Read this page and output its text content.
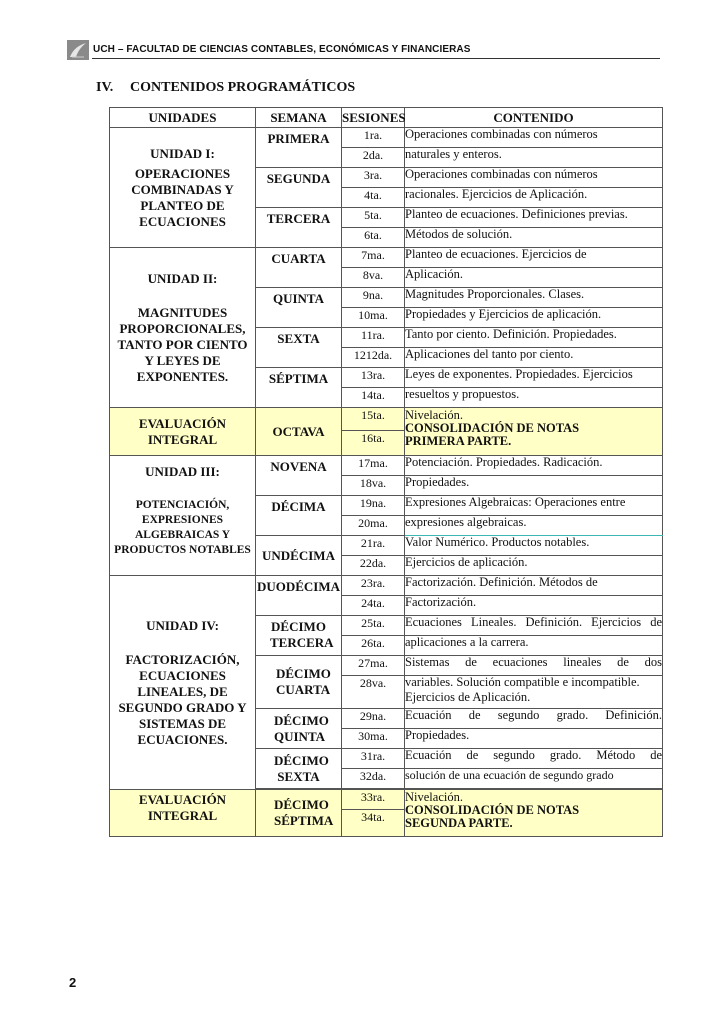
UCH – FACULTAD DE CIENCIAS CONTABLES, ECONÓMICAS Y FINANCIERAS
IV. CONTENIDOS PROGRAMÁTICOS
UNIDADES	SEMANA	SESIONES	CONTENIDO

UNIDAD I:
OPERACIONES COMBINADAS Y PLANTEO DE ECUACIONES	PRIMERA	1ra.	Operaciones combinadas con números
		2da.	naturales y enteros.
	SEGUNDA	3ra.	Operaciones combinadas con números
		4ta.	racionales. Ejercicios de Aplicación.
	TERCERA	5ta.	Planteo de ecuaciones. Definiciones previas.
		6ta.	Métodos de solución.

UNIDAD II:
MAGNITUDES PROPORCIONALES, TANTO POR CIENTO Y LEYES DE EXPONENTES.	CUARTA	7ma.	Planteo de ecuaciones. Ejercicios de
		8va.	Aplicación.
	QUINTA	9na.	Magnitudes Proporcionales. Clases.
		10ma.	Propiedades y Ejercicios de aplicación.
	SEXTA	11ra.	Tanto por ciento. Definición. Propiedades.
		1212da.	Aplicaciones del tanto por ciento.
	SÉPTIMA	13ra.	Leyes de exponentes. Propiedades. Ejercicios
		14ta.	resueltos y propuestos.
EVALUACIÓN INTEGRAL	OCTAVA	15ta.	Nivelación.
CONSOLIDACIÓN DE NOTAS
PRIMERA PARTE.

		16ta.	

UNIDAD III:
POTENCIACIÓN, EXPRESIONES ALGEBRAICAS Y PRODUCTOS NOTABLES	NOVENA	17ma.	Potenciación. Propiedades. Radicación.
		18va.	Propiedades.
	DÉCIMA	19na.	Expresiones Algebraicas: Operaciones entre
		20ma.	expresiones algebraicas.
	UNDÉCIMA	21ra.	Valor Numérico. Productos notables.
		22da.	Ejercicios de aplicación.

UNIDAD IV:
FACTORIZACIÓN, ECUACIONES LINEALES, DE SEGUNDO GRADO Y SISTEMAS DE ECUACIONES.	DUODÉCIMA	23ra.	Factorización. Definición. Métodos de
		24ta.	Factorización.
	DÉCIMO TERCERA	25ta.	Ecuaciones Lineales. Definición. Ejercicios de
		26ta.	aplicaciones a la carrera.
	DÉCIMO CUARTA	27ma.	Sistemas de ecuaciones lineales de dos
		28va.	variables. Solución compatible e incompatible.
Ejercicios de Aplicación.

	DÉCIMO QUINTA	29na.	Ecuación de segundo grado. Definición.
		30ma.	Propiedades.
	DÉCIMO SEXTA	31ra.	Ecuación de segundo grado. Método de
		32da.	solución de una ecuación de segundo grado

EVALUACIÓN INTEGRAL	DÉCIMO SÉPTIMA	33ra.	Nivelación.
CONSOLIDACIÓN DE NOTAS
SEGUNDA PARTE.

		34ta.	
2
